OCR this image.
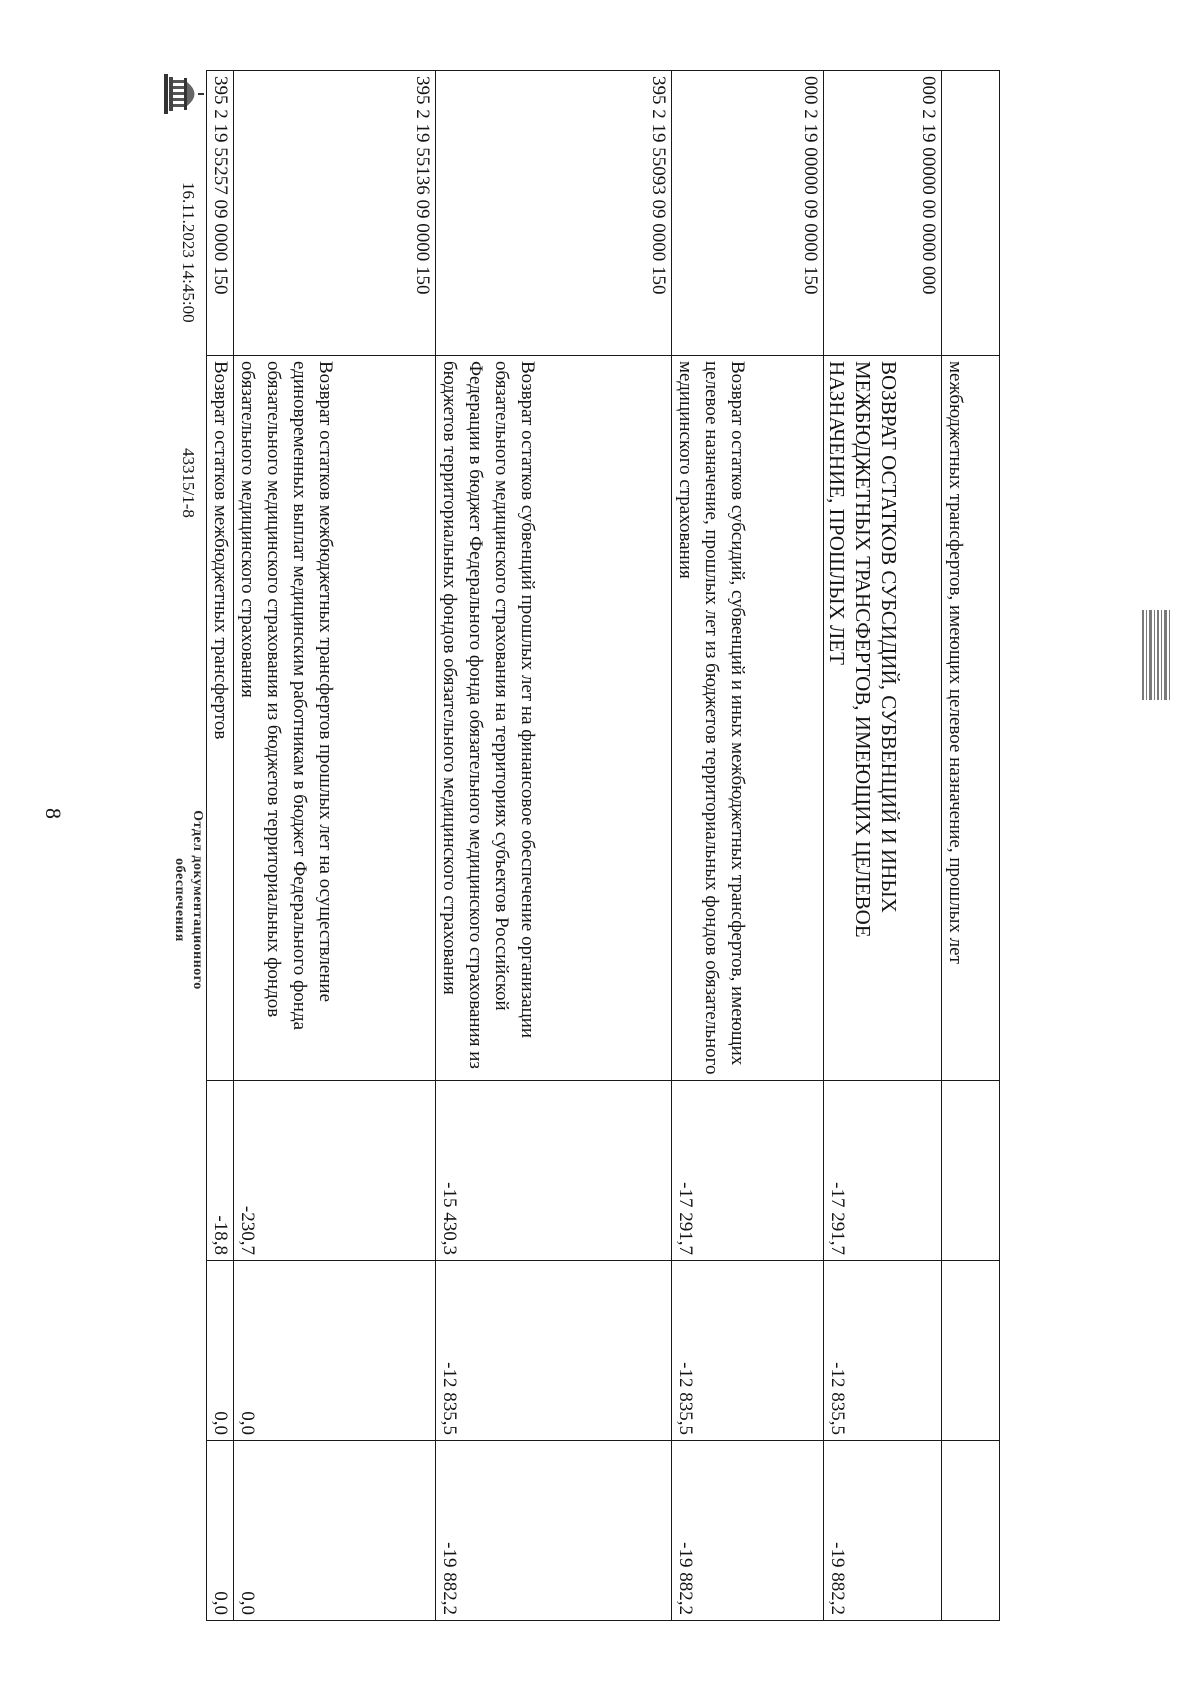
8
		межбюджетных трансфертов, имеющих целевое назначение, прошлых лет			
000 2 19 00000 00 0000 000	ВОЗВРАТ ОСТАТКОВ СУБСИДИЙ, СУБВЕНЦИЙ И ИНЫХ МЕЖБЮДЖЕТНЫХ ТРАНСФЕРТОВ, ИМЕЮЩИХ ЦЕЛЕВОЕ НАЗНАЧЕНИЕ, ПРОШЛЫХ ЛЕТ	-17 291,7	-12 835,5	-19 882,2
000 2 19 00000 09 0000 150	Возврат остатков субсидий, субвенций и иных межбюджетных трансфертов, имеющих целевое назначение, прошлых лет из бюджетов территориальных фондов обязательного медицинского страхования	-17 291,7	-12 835,5	-19 882,2
395 2 19 55093 09 0000 150	Возврат остатков субвенций прошлых лет на финансовое обеспечение организации обязательного медицинского страхования на территориях субъектов Российской Федерации в бюджет Федерального фонда обязательного медицинского страхования из бюджетов территориальных фондов обязательного медицинского страхования	-15 430,3	-12 835,5	-19 882,2
395 2 19 55136 09 0000 150	Возврат остатков межбюджетных трансфертов прошлых лет на осуществление единовременных выплат медицинским работникам в бюджет Федерального фонда обязательного медицинского страхования из бюджетов территориальных фондов обязательного медицинского страхования	-230,7	0,0	0,0
395 2 19 55257 09 0000 150	Возврат остатков межбюджетных трансфертов	-18,8	0,0	0,0
16.11.2023 14:45:00
43315/1-8
Отдел документационного
обеспечения
